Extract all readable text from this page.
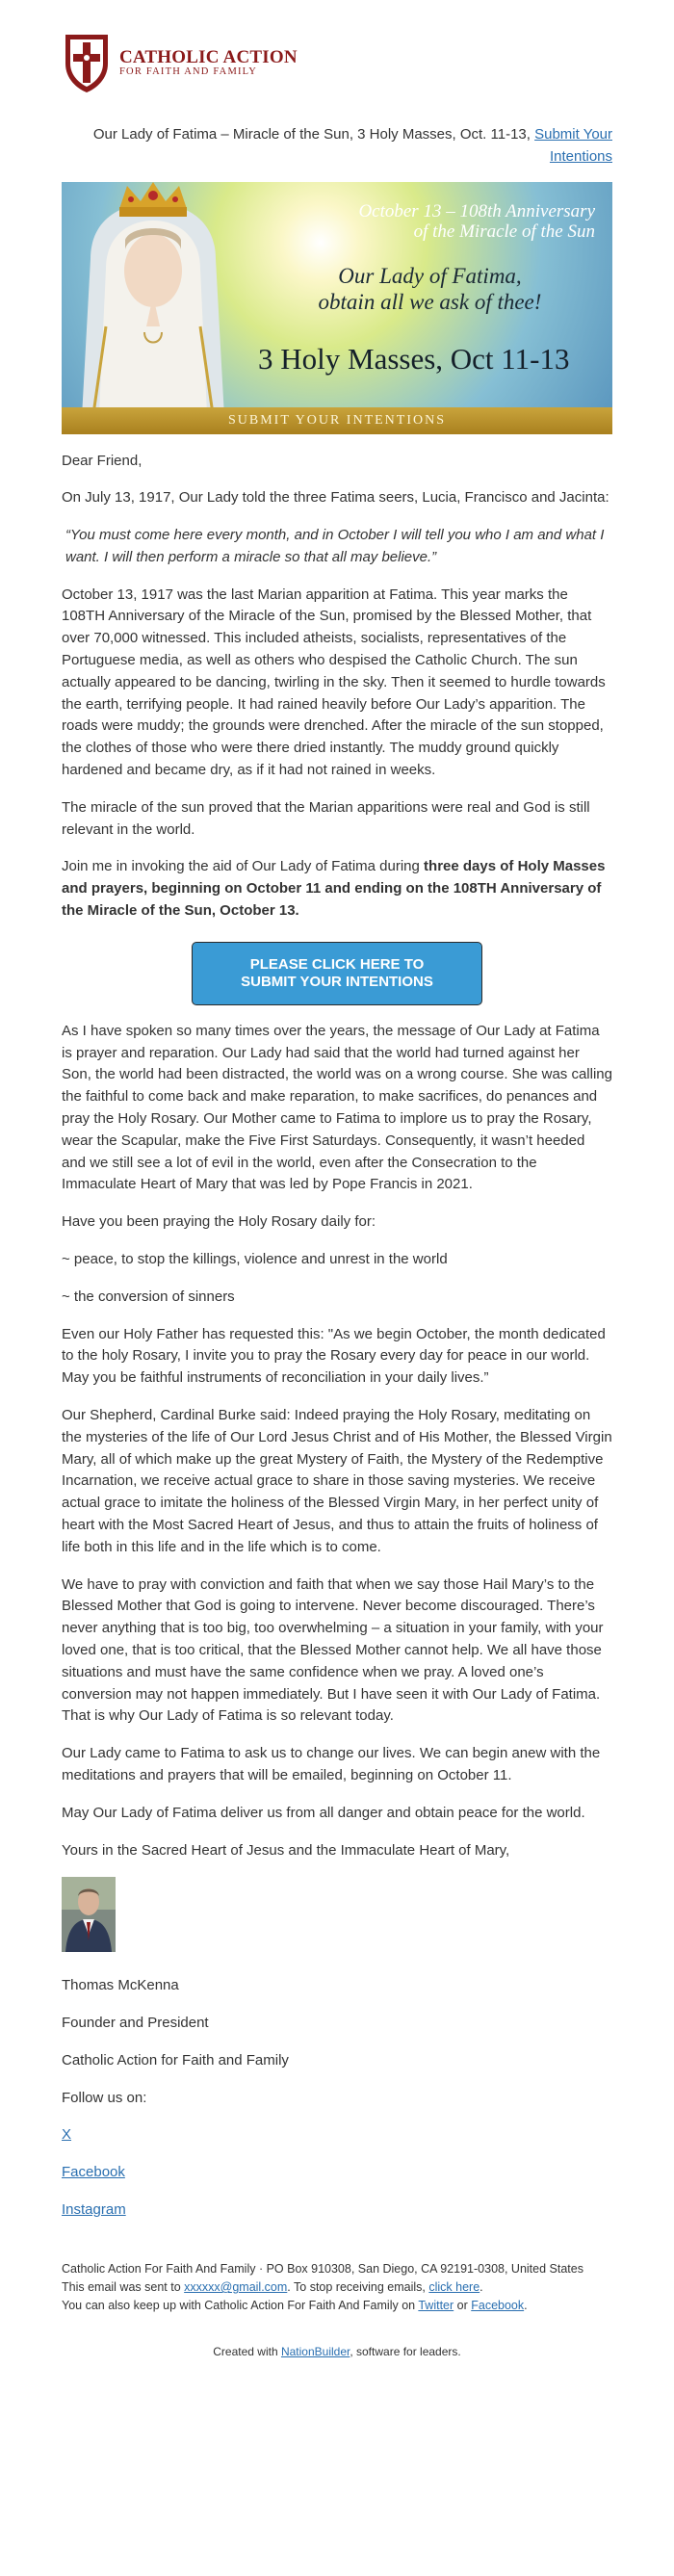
CATHOLIC ACTION
FOR FAITH AND FAMILY
Our Lady of Fatima – Miracle of the Sun, 3 Holy Masses, Oct. 11-13, Submit Your Intentions
October 13 – 108th Anniversary
of the Miracle of the Sun
Our Lady of Fatima,
obtain all we ask of thee!
3 Holy Masses, Oct 11-13
SUBMIT YOUR INTENTIONS

Dear Friend,

On July 13, 1917, Our Lady told the three Fatima seers, Lucia, Francisco and Jacinta:

“You must come here every month, and in October I will tell you who I am and what I want. I will then perform a miracle so that all may believe.”

October 13, 1917 was the last Marian apparition at Fatima. This year marks the 108TH Anniversary of the Miracle of the Sun, promised by the Blessed Mother, that over 70,000 witnessed. This included atheists, socialists, representatives of the Portuguese media, as well as others who despised the Catholic Church. The sun actually appeared to be dancing, twirling in the sky. Then it seemed to hurdle towards the earth, terrifying people. It had rained heavily before Our Lady’s apparition. The roads were muddy; the grounds were drenched. After the miracle of the sun stopped, the clothes of those who were there dried instantly. The muddy ground quickly hardened and became dry, as if it had not rained in weeks.

The miracle of the sun proved that the Marian apparitions were real and God is still relevant in the world.

Join me in invoking the aid of Our Lady of Fatima during three days of Holy Masses and prayers, beginning on October 11 and ending on the 108TH Anniversary of the Miracle of the Sun, October 13.

PLEASE CLICK HERE TO
SUBMIT YOUR INTENTIONS

As I have spoken so many times over the years, the message of Our Lady at Fatima is prayer and reparation. Our Lady had said that the world had turned against her Son, the world had been distracted, the world was on a wrong course. She was calling the faithful to come back and make reparation, to make sacrifices, do penances and pray the Holy Rosary. Our Mother came to Fatima to implore us to pray the Rosary, wear the Scapular, make the Five First Saturdays. Consequently, it wasn’t heeded and we still see a lot of evil in the world, even after the Consecration to the Immaculate Heart of Mary that was led by Pope Francis in 2021.

Have you been praying the Holy Rosary daily for:

~ peace, to stop the killings, violence and unrest in the world

~ the conversion of sinners

Even our Holy Father has requested this: "As we begin October, the month dedicated to the holy Rosary, I invite you to pray the Rosary every day for peace in our world. May you be faithful instruments of reconciliation in your daily lives.”

Our Shepherd, Cardinal Burke said: Indeed praying the Holy Rosary, meditating on the mysteries of the life of Our Lord Jesus Christ and of His Mother, the Blessed Virgin Mary, all of which make up the great Mystery of Faith, the Mystery of the Redemptive Incarnation, we receive actual grace to share in those saving mysteries. We receive actual grace to imitate the holiness of the Blessed Virgin Mary, in her perfect unity of heart with the Most Sacred Heart of Jesus, and thus to attain the fruits of holiness of life both in this life and in the life which is to come.

We have to pray with conviction and faith that when we say those Hail Mary’s to the Blessed Mother that God is going to intervene. Never become discouraged. There’s never anything that is too big, too overwhelming – a situation in your family, with your loved one, that is too critical, that the Blessed Mother cannot help. We all have those situations and must have the same confidence when we pray. A loved one’s conversion may not happen immediately. But I have seen it with Our Lady of Fatima. That is why Our Lady of Fatima is so relevant today.

Our Lady came to Fatima to ask us to change our lives. We can begin anew with the meditations and prayers that will be emailed, beginning on October 11.

May Our Lady of Fatima deliver us from all danger and obtain peace for the world.

Yours in the Sacred Heart of Jesus and the Immaculate Heart of Mary,

Thomas McKenna

Founder and President

Catholic Action for Faith and Family

Follow us on:

X

Facebook

Instagram

Catholic Action For Faith And Family · PO Box 910308, San Diego, CA 92191-0308, United States
This email was sent to xxxxxx@gmail.com. To stop receiving emails, click here.
You can also keep up with Catholic Action For Faith And Family on Twitter or Facebook.
Created with NationBuilder, software for leaders.
